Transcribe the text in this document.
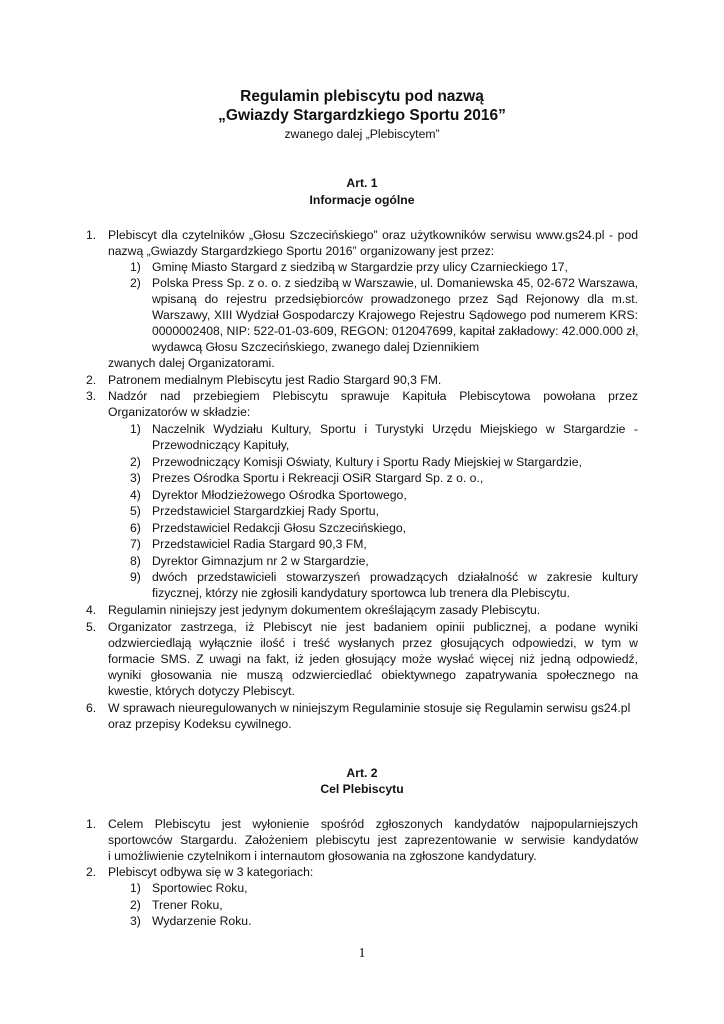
Regulamin plebiscytu pod nazwą
„Gwiazdy Stargardzkiego Sportu 2016”
zwanego dalej „Plebiscytem”
Art. 1
Informacje ogólne
1. Plebiscyt dla czytelników „Głosu Szczecińskiego” oraz użytkowników serwisu www.gs24.pl - pod
nazwą „Gwiazdy Stargardzkiego Sportu 2016” organizowany jest przez:
1) Gminę Miasto Stargard z siedzibą w Stargardzie przy ulicy Czarnieckiego 17,
2) Polska Press Sp. z o. o. z siedzibą w Warszawie, ul. Domaniewska 45, 02-672 Warszawa,
wpisaną do rejestru przedsiębiorców prowadzonego przez Sąd Rejonowy dla m.st.
Warszawy, XIII Wydział Gospodarczy Krajowego Rejestru Sądowego pod numerem KRS:
0000002408, NIP: 522-01-03-609, REGON: 012047699, kapitał zakładowy: 42.000.000 zł,
wydawcą Głosu Szczecińskiego, zwanego dalej Dziennikiem
zwanych dalej Organizatorami.
2. Patronem medialnym Plebiscytu jest Radio Stargard 90,3 FM.
3. Nadzór nad przebiegiem Plebiscytu sprawuje Kapituła Plebiscytowa powołana przez
Organizatorów w składzie:
1) Naczelnik Wydziału Kultury, Sportu i Turystyki Urzędu Miejskiego w Stargardzie -
Przewodniczący Kapituły,
2) Przewodniczący Komisji Oświaty, Kultury i Sportu Rady Miejskiej w Stargardzie,
3) Prezes Ośrodka Sportu i Rekreacji OSiR Stargard Sp. z o. o.,
4) Dyrektor Młodzieżowego Ośrodka Sportowego,
5) Przedstawiciel Stargardzkiej Rady Sportu,
6) Przedstawiciel Redakcji Głosu Szczecińskiego,
7) Przedstawiciel Radia Stargard 90,3 FM,
8) Dyrektor Gimnazjum nr 2 w Stargardzie,
9) dwóch przedstawicieli stowarzyszeń prowadzących działalność w zakresie kultury
fizycznej, którzy nie zgłosili kandydatury sportowca lub trenera dla Plebiscytu.
4. Regulamin niniejszy jest jedynym dokumentem określającym zasady Plebiscytu.
5. Organizator zastrzega, iż Plebiscyt nie jest badaniem opinii publicznej, a podane wyniki
odzwierciedlają wyłącznie ilość i treść wysłanych przez głosujących odpowiedzi, w tym w
formacie SMS. Z uwagi na fakt, iż jeden głosujący może wysłać więcej niż jedną odpowiedź,
wyniki głosowania nie muszą odzwierciedlać obiektywnego zapatrywania społecznego na
kwestie, których dotyczy Plebiscyt.
6. W sprawach nieuregulowanych w niniejszym Regulaminie stosuje się Regulamin serwisu gs24.pl
oraz przepisy Kodeksu cywilnego.
Art. 2
Cel Plebiscytu
1. Celem Plebiscytu jest wyłonienie spośród zgłoszonych kandydatów najpopularniejszych
sportowców Stargardu. Założeniem plebiscytu jest zaprezentowanie w serwisie kandydatów
i umożliwienie czytelnikom i internautom głosowania na zgłoszone kandydatury.
2. Plebiscyt odbywa się w 3 kategoriach:
1) Sportowiec Roku,
2) Trener Roku,
3) Wydarzenie Roku.
1
